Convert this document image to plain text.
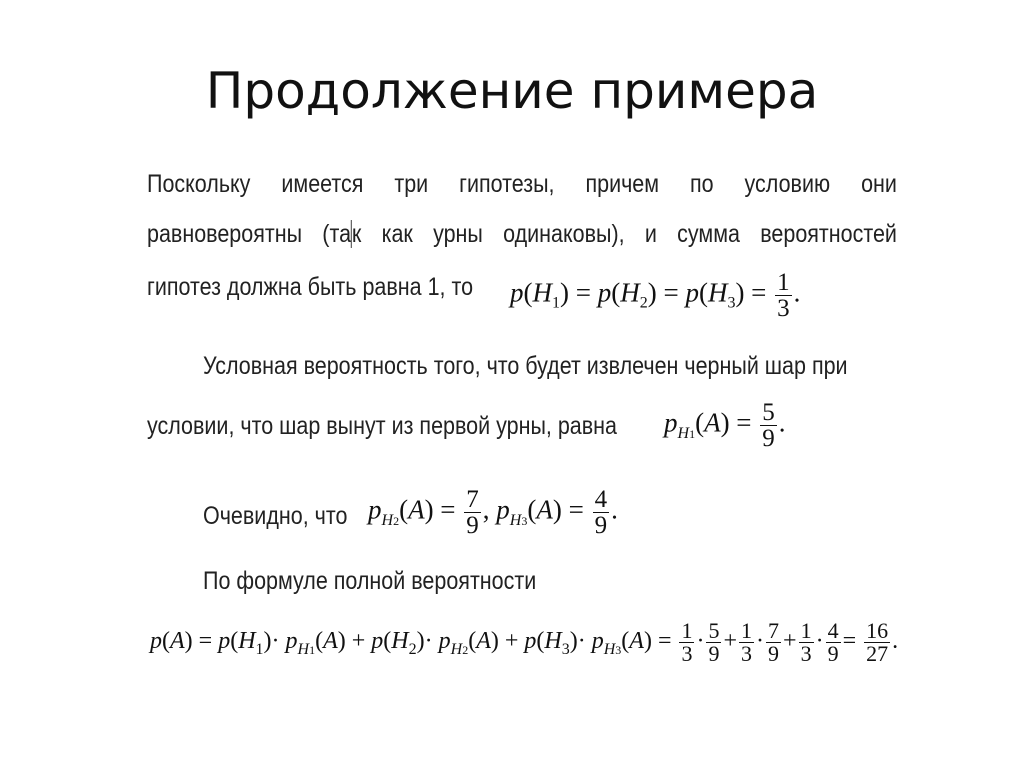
Продолжение примера
Поскольку имеется три гипотезы, причем по условию они
равновероятны (так как урны одинаковы), и сумма вероятностей
гипотез должна быть равна 1, то	$p(H_1) = p(H_2) = p(H_3) = \frac{1}{3}$ .
Условная вероятность того, что будет извлечен черный шар при
условии, что шар вынут из первой урны, равна	$p_{H1}(A) = \frac{5}{9}$ .
Очевидно, что $p_{H2}(A) = \frac{7}{9}$ , $p_{H3}(A) = \frac{4}{9}$ .
По формуле полной вероятности
$p(A) = p(H_1)\cdot p_{H1}(A) + p(H_2)\cdot p_{H2}(A) + p(H_3)\cdot p_{H3}(A) = \frac{1}{3} \cdot \frac{5}{9} + \frac{1}{3} \cdot \frac{7}{9} + \frac{1}{3} \cdot \frac{4}{9} = \frac{16}{27}$ .
